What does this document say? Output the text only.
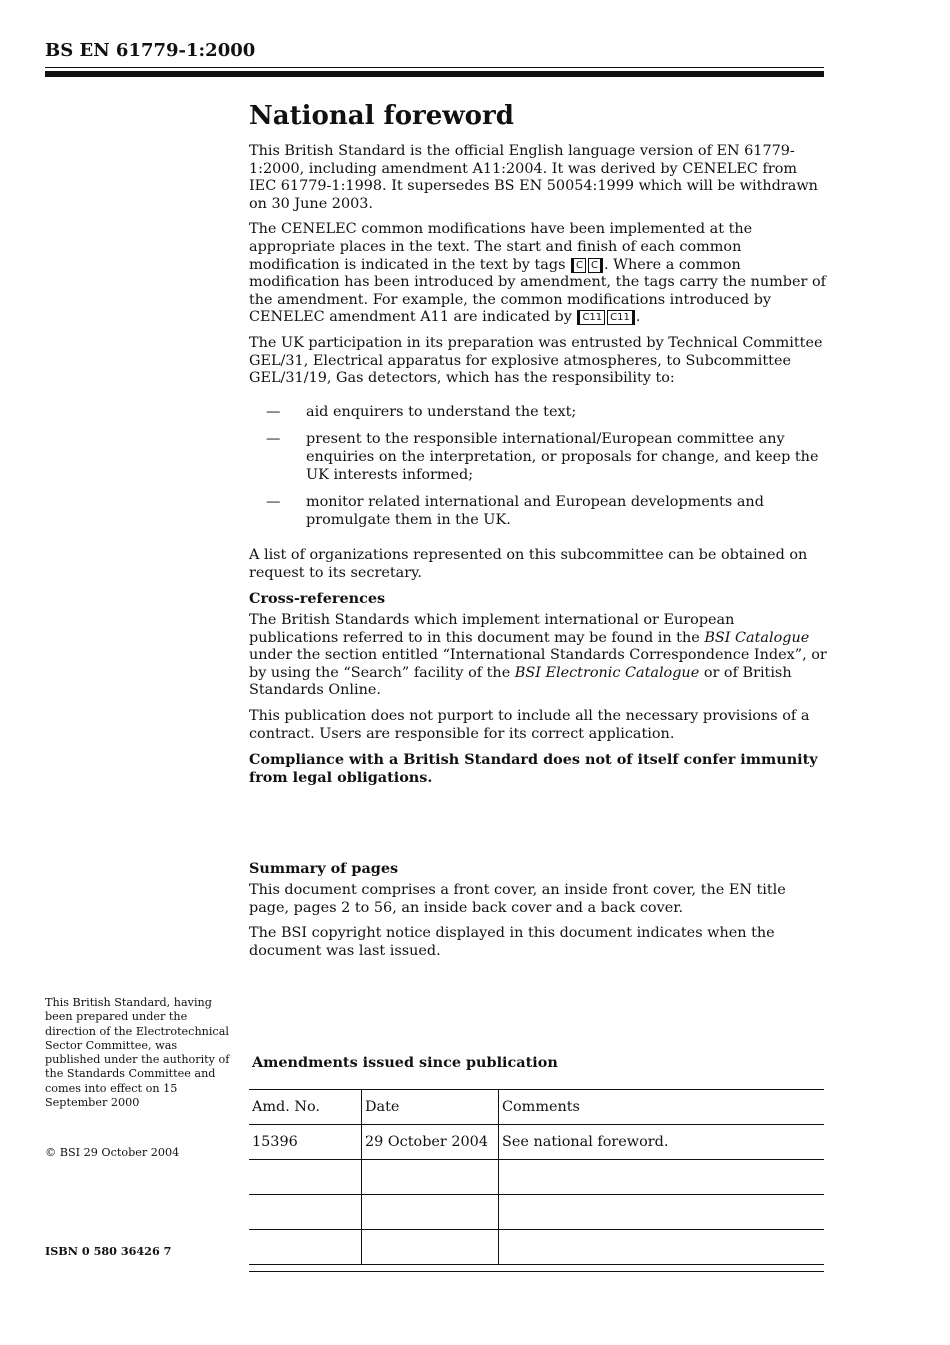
BS EN 61779-1:2000
National foreword

This British Standard is the official English language version of EN 61779-1:2000, including amendment A11:2004. It was derived by CENELEC from IEC 61779-1:1998. It supersedes BS EN 50054:1999 which will be withdrawn on 30 June 2003.

The CENELEC common modifications have been implemented at the appropriate places in the text. The start and finish of each common modification is indicated in the text by tags C C . Where a common modification has been introduced by amendment, the tags carry the number of the amendment. For example, the common modifications introduced by CENELEC amendment A11 are indicated by C11 C11 .

The UK participation in its preparation was entrusted by Technical Committee GEL/31, Electrical apparatus for explosive atmospheres, to Subcommittee GEL/31/19, Gas detectors, which has the responsibility to:

— aid enquirers to understand the text;
— present to the responsible international/European committee any enquiries on the interpretation, or proposals for change, and keep the UK interests informed;
— monitor related international and European developments and promulgate them in the UK.

A list of organizations represented on this subcommittee can be obtained on request to its secretary.

Cross-references

The British Standards which implement international or European publications referred to in this document may be found in the BSI Catalogue under the section entitled “International Standards Correspondence Index”, or by using the “Search” facility of the BSI Electronic Catalogue or of British Standards Online.

This publication does not purport to include all the necessary provisions of a contract. Users are responsible for its correct application.

Compliance with a British Standard does not of itself confer immunity from legal obligations.

Summary of pages

This document comprises a front cover, an inside front cover, the EN title page, pages 2 to 56, an inside back cover and a back cover.

The BSI copyright notice displayed in this document indicates when the document was last issued.

This British Standard, having been prepared under the direction of the Electrotechnical Sector Committee, was published under the authority of the Standards Committee and comes into effect on 15 September 2000
© BSI 29 October 2004
ISBN 0 580 36426 7
Amendments issued since publication
Amd. No.	Date	Comments
15396	29 October 2004	See national foreword.
